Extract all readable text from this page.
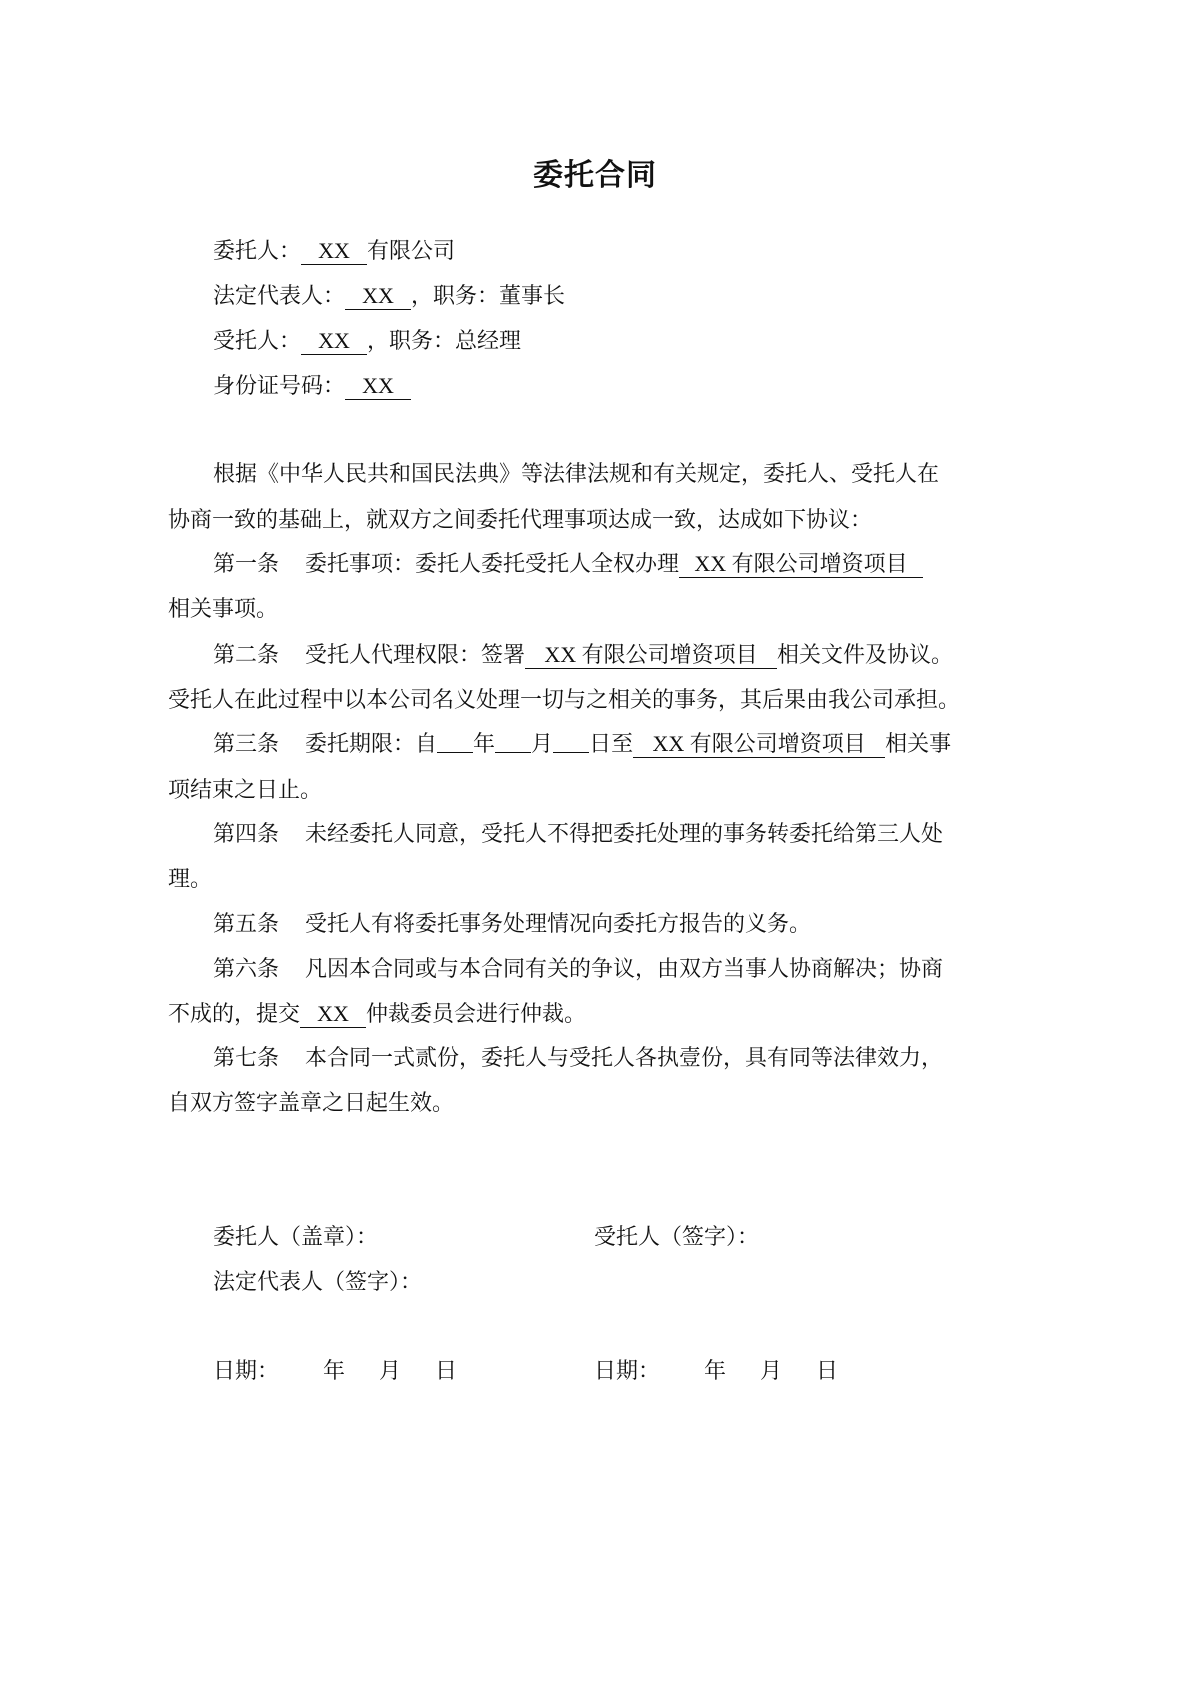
委托合同
委托人： XX 有限公司
法定代表人： XX ，职务：董事长
受托人： XX ，职务：总经理
身份证号码： XX
根据《中华人民共和国民法典》等法律法规和有关规定，委托人、受托人在
协商一致的基础上，就双方之间委托代理事项达成一致，达成如下协议：
第一条 委托事项：委托人委托受托人全权办理 XX 有限公司增资项目
相关事项。
第二条 受托人代理权限：签署 XX 有限公司增资项目 相关文件及协议。
受托人在此过程中以本公司名义处理一切与之相关的事务，其后果由我公司承担。
第三条 委托期限：自 年 月 日至 XX 有限公司增资项目 相关事
项结束之日止。
第四条 未经委托人同意，受托人不得把委托处理的事务转委托给第三人处
理。
第五条 受托人有将委托事务处理情况向委托方报告的义务。
第六条 凡因本合同或与本合同有关的争议，由双方当事人协商解决；协商
不成的，提交 XX 仲裁委员会进行仲裁。
第七条 本合同一式贰份，委托人与受托人各执壹份，具有同等法律效力，
自双方签字盖章之日起生效。
委托人（盖章）：	受托人（签字）：
法定代表人（签字）：
日期： 年 月 日	日期： 年 月 日
